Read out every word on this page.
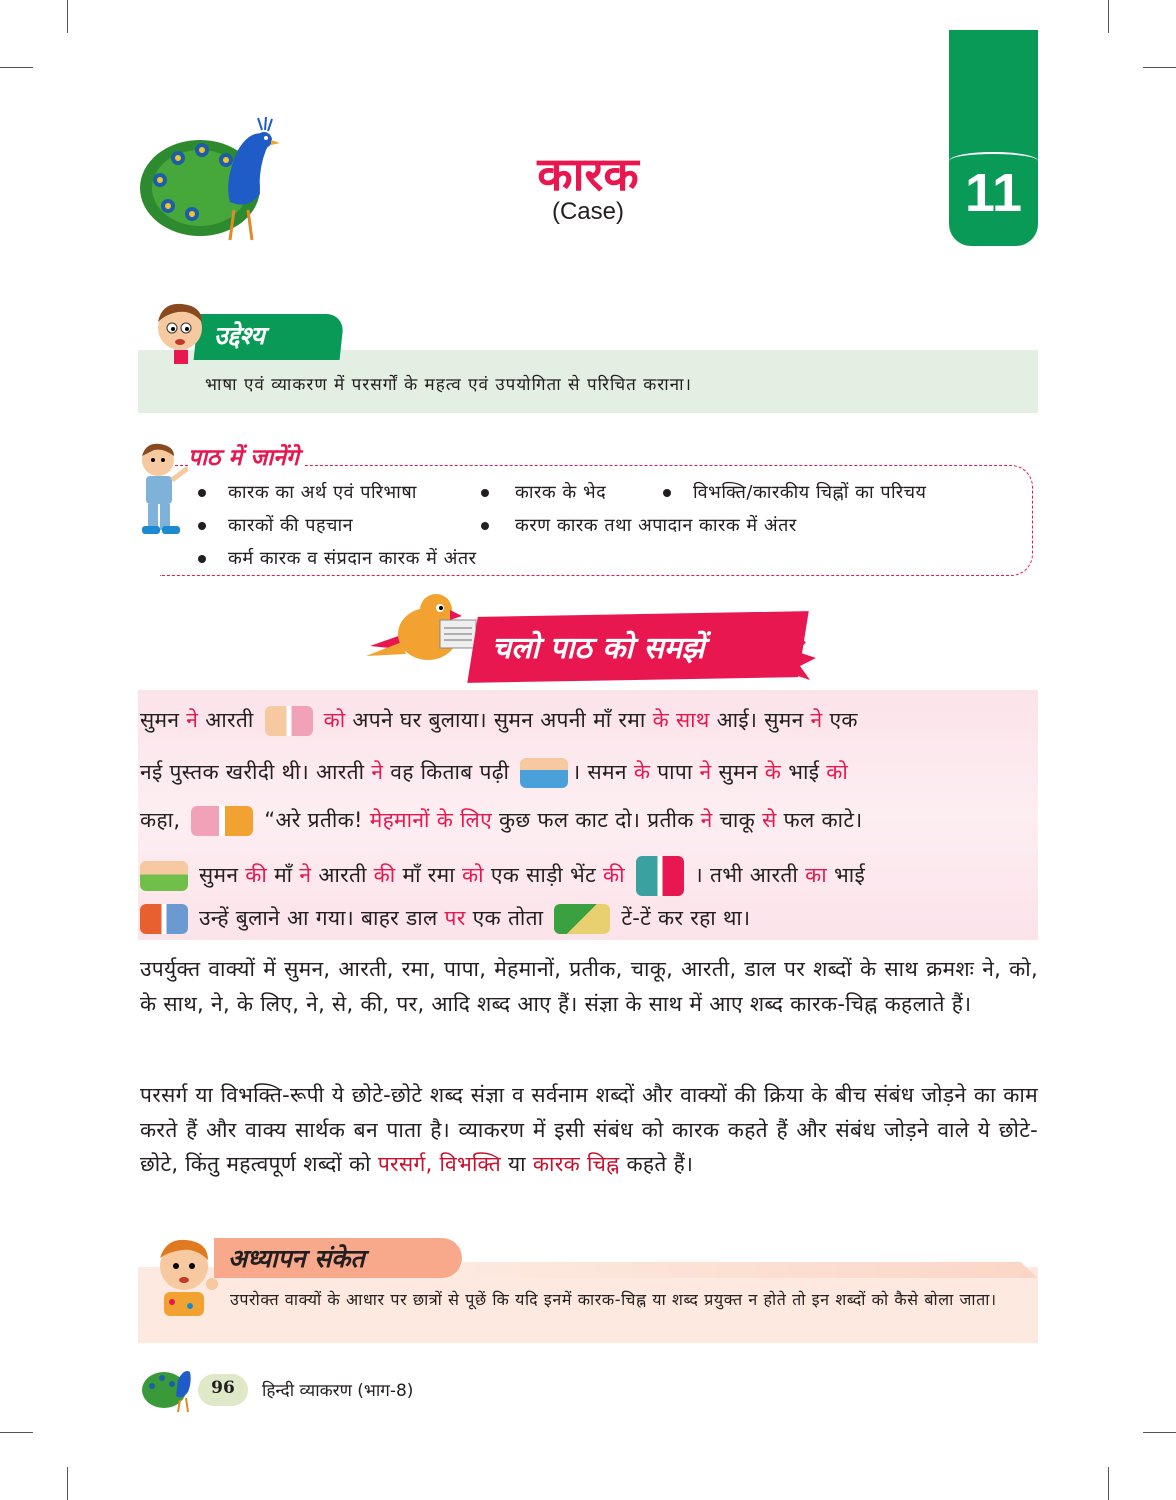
कारक
(Case)	11
उद्देश्य
भाषा एवं व्याकरण में परसर्गों के महत्व एवं उपयोगिता से परिचित कराना।
पाठ में जानेंगे
कारक का अर्थ एवं परिभाषा	कारक के भेद	विभक्ति/कारकीय चिह्नों का परिचय
कारकों की पहचान	करण कारक तथा अपादान कारक में अंतर
कर्म कारक व संप्रदान कारक में अंतर
चलो पाठ को समझें
सुमन ने आरती	को अपने घर बुलाया। सुमन अपनी माँ रमा के साथ आई। सुमन ने एक
नई पुस्तक खरीदी थी। आरती ने वह किताब पढ़ी	। समन के पापा ने सुमन के भाई को
कहा,	“अरे प्रतीक! मेहमानों के लिए कुछ फल काट दो। प्रतीक ने चाकू से फल काटे।
सुमन की माँ ने आरती की माँ रमा को एक साड़ी भेंट की	। तभी आरती का भाई
उन्हें बुलाने आ गया। बाहर डाल पर एक तोता	टें-टें कर रहा था।

उपर्युक्त वाक्यों में सुमन, आरती, रमा, पापा, मेहमानों, प्रतीक, चाकू, आरती, डाल पर शब्दों के साथ क्रमशः ने, को, के साथ, ने, के लिए, ने, से, की, पर, आदि शब्द आए हैं। संज्ञा के साथ में आए शब्द कारक-चिह्न कहलाते हैं।

परसर्ग या विभक्ति-रूपी ये छोटे-छोटे शब्द संज्ञा व सर्वनाम शब्दों और वाक्यों की क्रिया के बीच संबंध जोड़ने का काम करते हैं और वाक्य सार्थक बन पाता है। व्याकरण में इसी संबंध को कारक कहते हैं और संबंध जोड़ने वाले ये छोटे-छोटे, किंतु महत्वपूर्ण शब्दों को परसर्ग, विभक्ति या कारक चिह्न कहते हैं।

अध्यापन संकेत
उपरोक्त वाक्यों के आधार पर छात्रों से पूछें कि यदि इनमें कारक-चिह्न या शब्द प्रयुक्त न होते तो इन शब्दों को कैसे बोला जाता।
96	हिन्दी व्याकरण (भाग-8)
